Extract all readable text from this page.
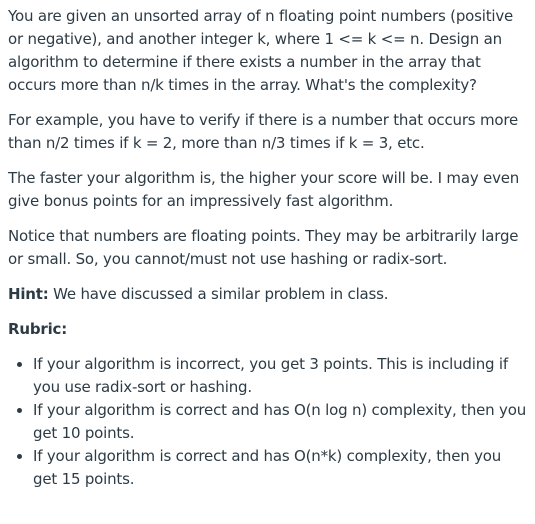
You are given an unsorted array of n floating point numbers (positive or negative), and another integer k, where 1 <= k <= n. Design an algorithm to determine if there exists a number in the array that occurs more than n/k times in the array. What's the complexity?

For example, you have to verify if there is a number that occurs more than n/2 times if k = 2, more than n/3 times if k = 3, etc.

The faster your algorithm is, the higher your score will be. I may even give bonus points for an impressively fast algorithm.

Notice that numbers are floating points. They may be arbitrarily large or small. So, you cannot/must not use hashing or radix-sort.

Hint: We have discussed a similar problem in class.

Rubric:

• If your algorithm is incorrect, you get 3 points. This is including if you use radix-sort or hashing.
• If your algorithm is correct and has O(n log n) complexity, then you get 10 points.
• If your algorithm is correct and has O(n*k) complexity, then you get 15 points.
